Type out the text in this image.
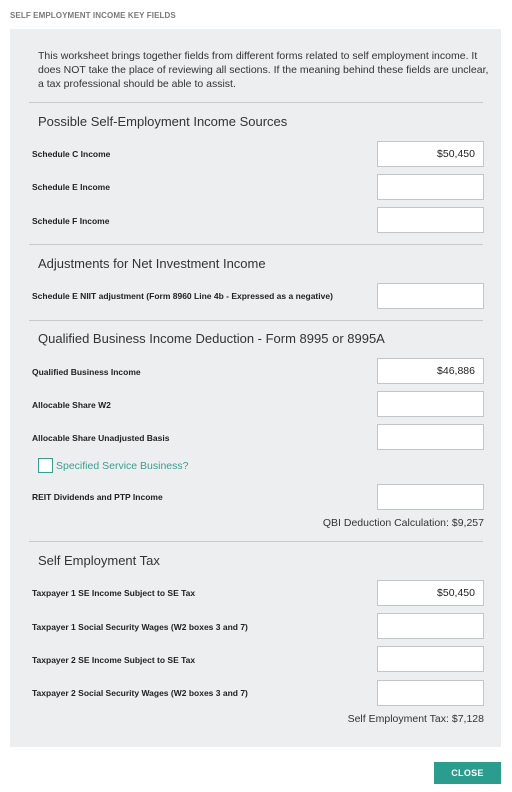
SELF EMPLOYMENT INCOME KEY FIELDS
This worksheet brings together fields from different forms related to self employment income. It does NOT take the place of reviewing all sections. If the meaning behind these fields are unclear, a tax professional should be able to assist.
Possible Self-Employment Income Sources
Schedule C Income	$50,450
Schedule E Income
Schedule F Income
Adjustments for Net Investment Income
Schedule E NIIT adjustment (Form 8960 Line 4b - Expressed as a negative)
Qualified Business Income Deduction - Form 8995 or 8995A
Qualified Business Income	$46,886
Allocable Share W2
Allocable Share Unadjusted Basis
Specified Service Business?
REIT Dividends and PTP Income
QBI Deduction Calculation: $9,257
Self Employment Tax
Taxpayer 1 SE Income Subject to SE Tax	$50,450
Taxpayer 1 Social Security Wages (W2 boxes 3 and 7)
Taxpayer 2 SE Income Subject to SE Tax
Taxpayer 2 Social Security Wages (W2 boxes 3 and 7)
Self Employment Tax: $7,128
CLOSE
